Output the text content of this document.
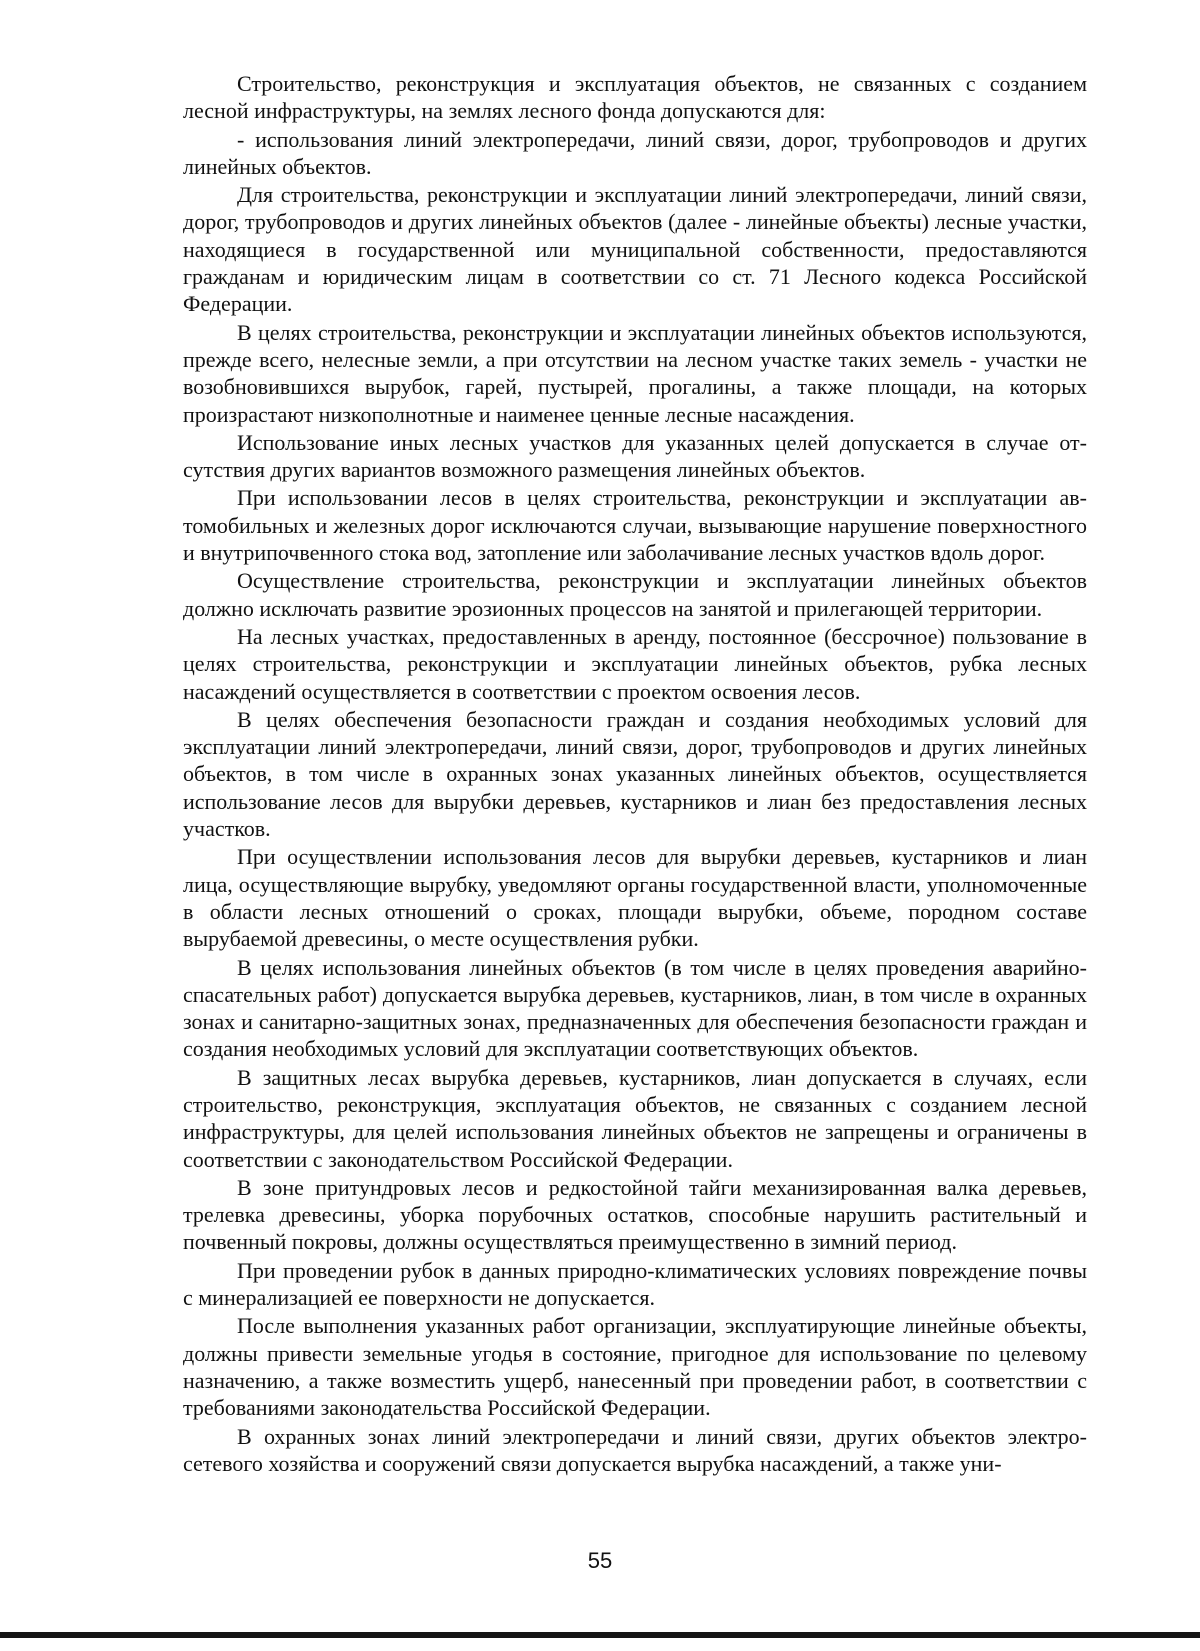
Строительство, реконструкция и эксплуатация объектов, не связанных с созданием лесной инфраструктуры, на землях лесного фонда допускаются для:

- использования линий электропередачи, линий связи, дорог, трубопроводов и других линейных объектов.

Для строительства, реконструкции и эксплуатации линий электропередачи, линий связи, дорог, трубопроводов и других линейных объектов (далее - линейные объекты) лесные участки, находящиеся в государственной или муниципальной собственности, предоставляются гражданам и юридическим лицам в соответствии со ст. 71 Лесного кодекса Российской Федерации.

В целях строительства, реконструкции и эксплуатации линейных объектов используются, прежде всего, нелесные земли, а при отсутствии на лесном участке таких земель - участки не возобновившихся вырубок, гарей, пустырей, прогалины, а также площади, на которых произрастают низкополнотные и наименее ценные лесные насаждения.

Использование иных лесных участков для указанных целей допускается в случае отсутствия других вариантов возможного размещения линейных объектов.

При использовании лесов в целях строительства, реконструкции и эксплуатации автомобильных и железных дорог исключаются случаи, вызывающие нарушение поверхностного и внутрипочвенного стока вод, затопление или заболачивание лесных участков вдоль дорог.

Осуществление строительства, реконструкции и эксплуатации линейных объектов должно исключать развитие эрозионных процессов на занятой и прилегающей территории.

На лесных участках, предоставленных в аренду, постоянное (бессрочное) пользование в целях строительства, реконструкции и эксплуатации линейных объектов, рубка лесных насаждений осуществляется в соответствии с проектом освоения лесов.

В целях обеспечения безопасности граждан и создания необходимых условий для эксплуатации линий электропередачи, линий связи, дорог, трубопроводов и других линейных объектов, в том числе в охранных зонах указанных линейных объектов, осуществляется использование лесов для вырубки деревьев, кустарников и лиан без предоставления лесных участков.

При осуществлении использования лесов для вырубки деревьев, кустарников и лиан лица, осуществляющие вырубку, уведомляют органы государственной власти, уполномоченные в области лесных отношений о сроках, площади вырубки, объеме, породном составе вырубаемой древесины, о месте осуществления рубки.

В целях использования линейных объектов (в том числе в целях проведения аварийно-спасательных работ) допускается вырубка деревьев, кустарников, лиан, в том числе в охранных зонах и санитарно-защитных зонах, предназначенных для обеспечения безопасности граждан и создания необходимых условий для эксплуатации соответствующих объектов.

В защитных лесах вырубка деревьев, кустарников, лиан допускается в случаях, если строительство, реконструкция, эксплуатация объектов, не связанных с созданием лесной инфраструктуры, для целей использования линейных объектов не запрещены и ограничены в соответствии с законодательством Российской Федерации.

В зоне притундровых лесов и редкостойной тайги механизированная валка деревьев, трелевка древесины, уборка порубочных остатков, способные нарушить растительный и почвенный покровы, должны осуществляться преимущественно в зимний период.

При проведении рубок в данных природно-климатических условиях повреждение почвы с минерализацией ее поверхности не допускается.

После выполнения указанных работ организации, эксплуатирующие линейные объекты, должны привести земельные угодья в состояние, пригодное для использование по целевому назначению, а также возместить ущерб, нанесенный при проведении работ, в соответствии с требованиями законодательства Российской Федерации.

В охранных зонах линий электропередачи и линий связи, других объектов электросетевого хозяйства и сооружений связи допускается вырубка насаждений, а также уни-

55
